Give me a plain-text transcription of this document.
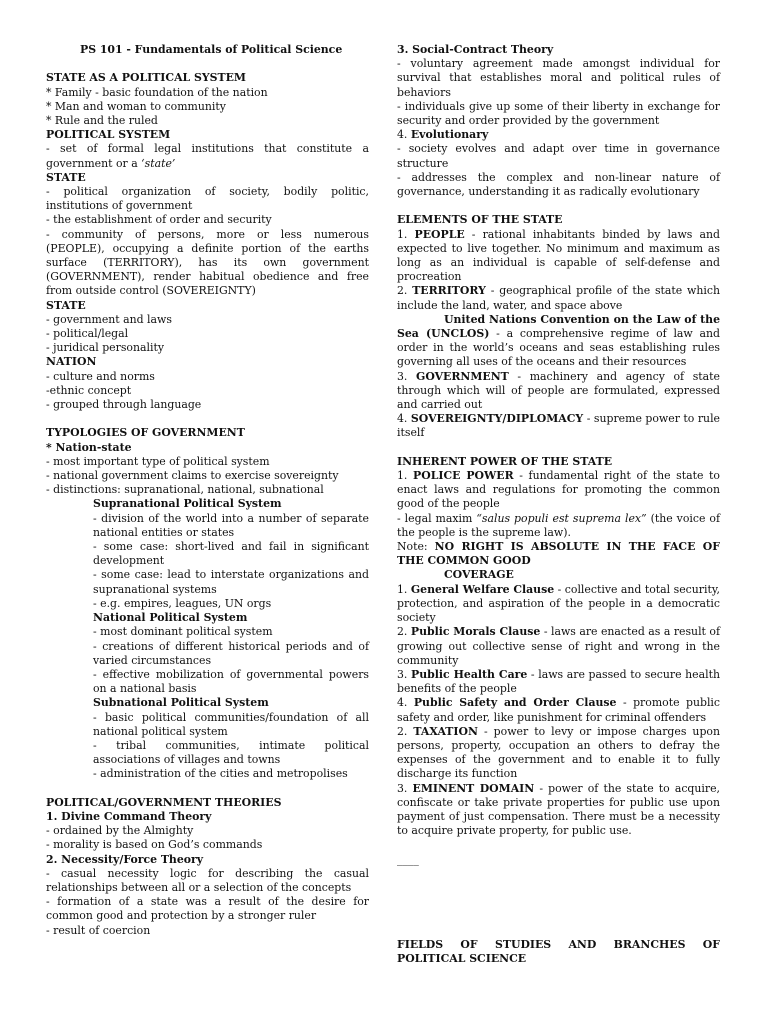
PS 101 - Fundamentals of Political Science

STATE AS A POLITICAL SYSTEM

* Family - basic foundation of the nation

* Man and woman to community

* Rule and the ruled

POLITICAL SYSTEM

- set of formal legal institutions that constitute a government or a ‘state’

STATE

- political organization of society, bodily politic, institutions of government

- the establishment of order and security

- community of persons, more or less numerous (PEOPLE), occupying a definite portion of the earths surface (TERRITORY), has its own government (GOVERNMENT), render habitual obedience and free from outside control (SOVEREIGNTY)

STATE

- government and laws

- political/legal

- juridical personality

NATION

- culture and norms

-ethnic concept

- grouped through language

TYPOLOGIES OF GOVERNMENT

* Nation-state

- most important type of political system

- national government claims to exercise sovereignty

- distinctions: supranational, national, subnational

Supranational Political System

- division of the world into a number of separate national entities or states

- some case: short-lived and fail in significant development

- some case: lead to interstate organizations and supranational systems

- e.g. empires, leagues, UN orgs

National Political System

- most dominant political system

- creations of different historical periods and of varied circumstances

- effective mobilization of governmental powers on a national basis

Subnational Political System

- basic political communities/foundation of all national political system

- tribal communities, intimate political associations of villages and towns

- administration of the cities and metropolises

POLITICAL/GOVERNMENT THEORIES

1. Divine Command Theory

- ordained by the Almighty

- morality is based on God’s commands

2. Necessity/Force Theory

- casual necessity logic for describing the casual relationships between all or a selection of the concepts

- formation of a state was a result of the desire for common good and protection by a stronger ruler

- result of coercion

3. Social-Contract Theory

- voluntary agreement made amongst individual for survival that establishes moral and political rules of behaviors

- individuals give up some of their liberty in exchange for security and order provided by the government

4. Evolutionary

- society evolves and adapt over time in governance structure

- addresses the complex and non-linear nature of governance, understanding it as radically evolutionary

ELEMENTS OF THE STATE

1. PEOPLE - rational inhabitants binded by laws and expected to live together. No minimum and maximum as long as an individual is capable of self-defense and procreation

2. TERRITORY - geographical profile of the state which include the land, water, and space above

United Nations Convention on the Law of the Sea (UNCLOS) - a comprehensive regime of law and order in the world’s oceans and seas establishing rules governing all uses of the oceans and their resources

3. GOVERNMENT - machinery and agency of state through which will of people are formulated, expressed and carried out

4. SOVEREIGNTY/DIPLOMACY - supreme power to rule itself

INHERENT POWER OF THE STATE

1. POLICE POWER - fundamental right of the state to enact laws and regulations for promoting the common good of the people

- legal maxim “salus populi est suprema lex” (the voice of the people is the supreme law).

Note: NO RIGHT IS ABSOLUTE IN THE FACE OF THE COMMON GOOD

COVERAGE

1. General Welfare Clause - collective and total security, protection, and aspiration of the people in a democratic society

2. Public Morals Clause - laws are enacted as a result of growing out collective sense of right and wrong in the community

3. Public Health Care - laws are passed to secure health benefits of the people

4. Public Safety and Order Clause - promote public safety and order, like punishment for criminal offenders

2. TAXATION - power to levy or impose charges upon persons, property, occupation an others to defray the expenses of the government and to enable it to fully discharge its function

3. EMINENT DOMAIN - power of the state to acquire, confiscate or take private properties for public use upon payment of just compensation. There must be a necessity to acquire private property, for public use.

____

FIELDS OF STUDIES AND BRANCHES OF POLITICAL SCIENCE
